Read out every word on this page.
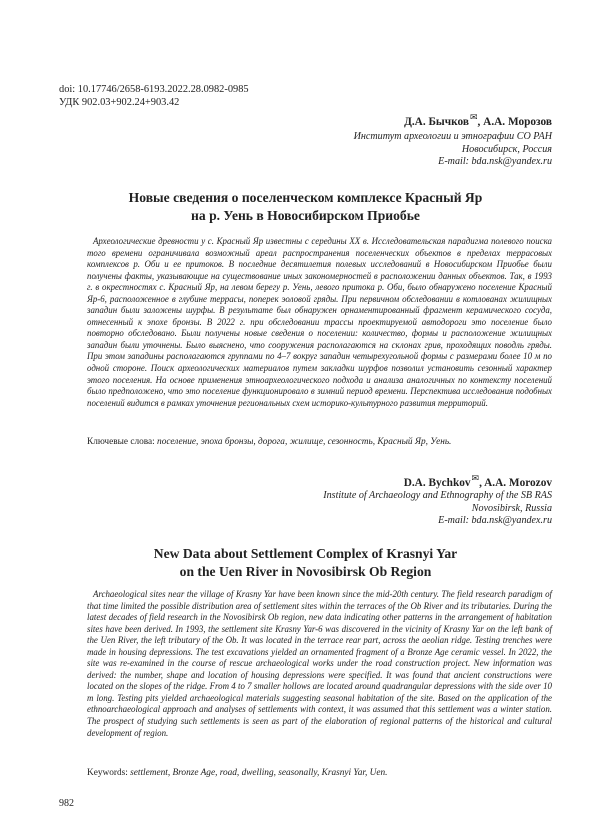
doi: 10.17746/2658-6193.2022.28.0982-0985
УДК 902.03+902.24+903.42
Д.А. Бычков✉, А.А. Морозов
Институт археологии и этнографии СО РАН
Новосибирск, Россия
E-mail: bda.nsk@yandex.ru
Новые сведения о поселенческом комплексе Красный Яр
на р. Уень в Новосибирском Приобье

Археологические древности у с. Красный Яр известны с середины XX в. Исследовательская парадигма полевого поиска того времени ограничивала возможный ареал распространения поселенческих объектов в пределах террасовых комплексов р. Оби и ее притоков. В последние десятилетия полевых исследований в Новосибирском Приобье были получены факты, указывающие на существование иных закономерностей в расположении данных объектов. Так, в 1993 г. в окрестностях с. Красный Яр, на левом берегу р. Уень, левого притока р. Оби, было обнаружено поселение Красный Яр-6, расположенное в глубине террасы, поперек эоловой гряды. При первичном обследовании в котлованах жилищных западин были заложены шурфы. В результате был обнаружен орнаментированный фрагмент керамического сосуда, отнесенный к эпохе бронзы. В 2022 г. при обследовании трассы проектируемой автодороги это поселение было повторно обследовано. Были получены новые сведения о поселении: количество, формы и расположение жилищных западин были уточнены. Было выяснено, что сооружения располагаются на склонах грив, проходящих поводль гряды. При этом западины располагаются группами по 4–7 вокруг западин четырехугольной формы с размерами более 10 м по одной стороне. Поиск археологических материалов путем закладки шурфов позволил установить сезонный характер этого поселения. На основе применения этноархеологического подхода и анализа аналогичных по контексту поселений было предположено, что это поселение функционировало в зимний период времени. Перспектива исследования подобных поселений видится в рамках уточнения региональных схем историко-культурного развития территорий.

Ключевые слова: поселение, эпоха бронзы, дорога, жилище, сезонность, Красный Яр, Уень.
D.A. Bychkov✉, A.A. Morozov
Institute of Archaeology and Ethnography of the SB RAS
Novosibirsk, Russia
E-mail: bda.nsk@yandex.ru
New Data about Settlement Complex of Krasnyi Yar
on the Uen River in Novosibirsk Ob Region

Archaeological sites near the village of Krasny Yar have been known since the mid-20th century. The field research paradigm of that time limited the possible distribution area of settlement sites within the terraces of the Ob River and its tributaries. During the latest decades of field research in the Novosibirsk Ob region, new data indicating other patterns in the arrangement of habitation sites have been derived. In 1993, the settlement site Krasny Yar-6 was discovered in the vicinity of Krasny Yar on the left bank of the Uen River, the left tributary of the Ob. It was located in the terrace rear part, across the aeolian ridge. Testing trenches were made in housing depressions. The test excavations yielded an ornamented fragment of a Bronze Age ceramic vessel. In 2022, the site was re-examined in the course of rescue archaeological works under the road construction project. New information was derived: the number, shape and location of housing depressions were specified. It was found that ancient constructions were located on the slopes of the ridge. From 4 to 7 smaller hollows are located around quadrangular depressions with the side over 10 m long. Testing pits yielded archaeological materials suggesting seasonal habitation of the site. Based on the application of the ethnoarchaeological approach and analyses of settlements with context, it was assumed that this settlement was a winter station. The prospect of studying such settlements is seen as part of the elaboration of regional patterns of the historical and cultural development of region.

Keywords: settlement, Bronze Age, road, dwelling, seasonally, Krasnyi Yar, Uen.
982
